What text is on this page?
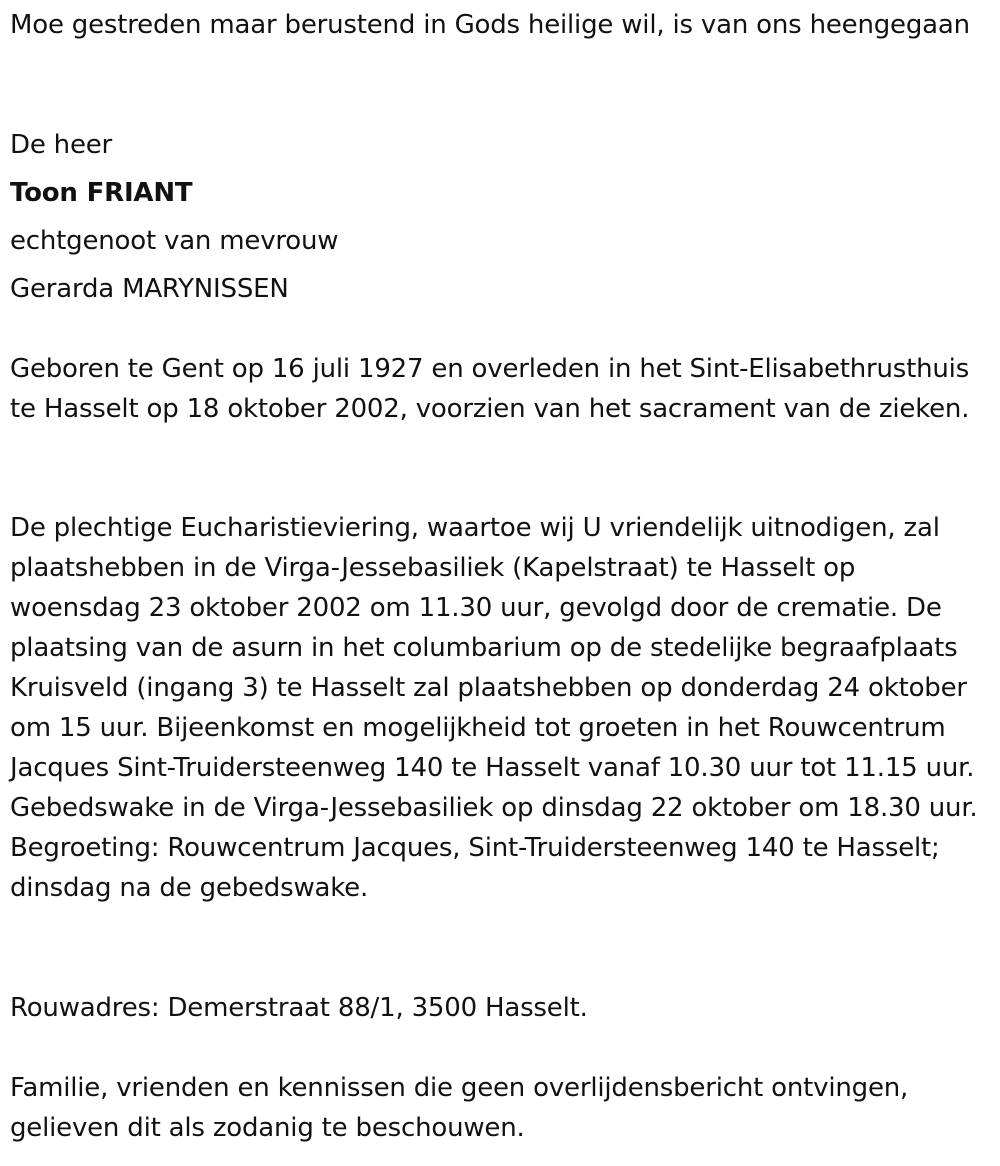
Moe gestreden maar berustend in Gods heilige wil, is van ons heengegaan

De heer

Toon FRIANT

echtgenoot van mevrouw

Gerarda MARYNISSEN

Geboren te Gent op 16 juli 1927 en overleden in het Sint-Elisabethrusthuis te Hasselt op 18 oktober 2002, voorzien van het sacrament van de zieken.

De plechtige Eucharistieviering, waartoe wij U vriendelijk uitnodigen, zal plaatshebben in de Virga-Jessebasiliek (Kapelstraat) te Hasselt op woensdag 23 oktober 2002 om 11.30 uur, gevolgd door de crematie. De plaatsing van de asurn in het columbarium op de stedelijke begraafplaats Kruisveld (ingang 3) te Hasselt zal plaatshebben op donderdag 24 oktober om 15 uur. Bijeenkomst en mogelijkheid tot groeten in het Rouwcentrum Jacques Sint-Truidersteenweg 140 te Hasselt vanaf 10.30 uur tot 11.15 uur. Gebedswake in de Virga-Jessebasiliek op dinsdag 22 oktober om 18.30 uur. Begroeting: Rouwcentrum Jacques, Sint-Truidersteenweg 140 te Hasselt; dinsdag na de gebedswake.

Rouwadres: Demerstraat 88/1, 3500 Hasselt.

Familie, vrienden en kennissen die geen overlijdensbericht ontvingen, gelieven dit als zodanig te beschouwen.
